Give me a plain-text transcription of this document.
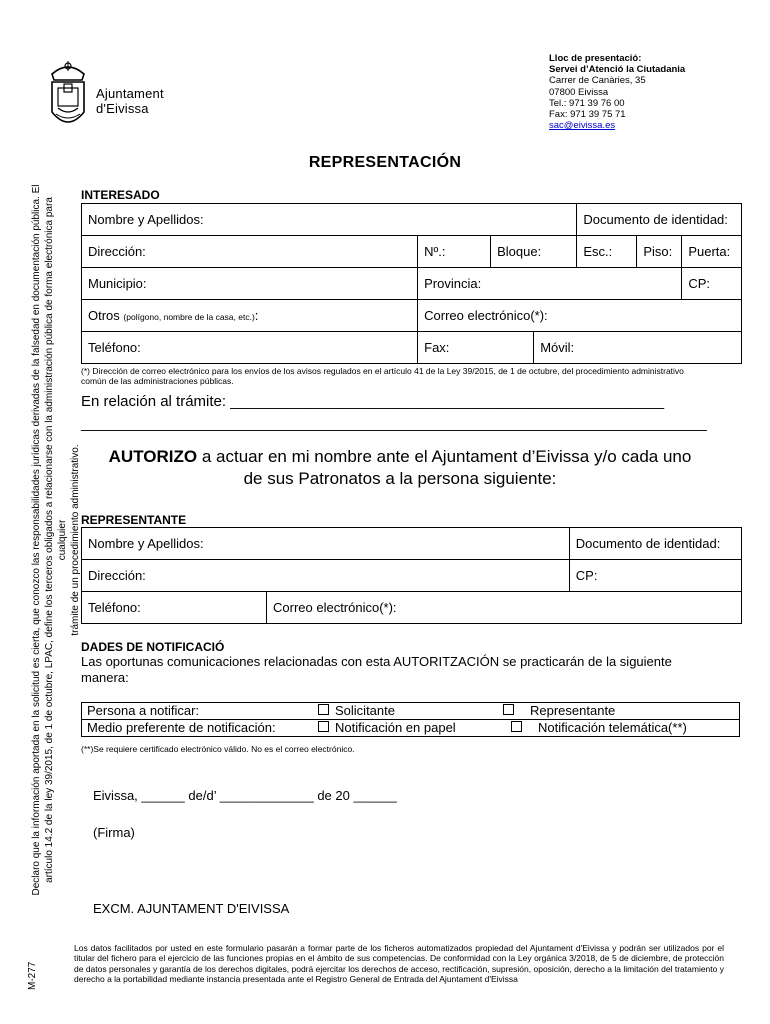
Ajuntament
d'Eivissa
Lloc de presentació:
Servei d’Atenció la Ciutadania
Carrer de Canàries, 35
07800 Eivissa
Tel.: 971 39 76 00
Fax: 971 39 75 71
sac@eivissa.es
REPRESENTACIÓN
Declaro que la información aportada en la solicitud es cierta, que conozco las responsabilidades jurídicas derivadas de la falsedad en documentación pública. El artículo 14.2 de la ley 39/2015, de 1 de octubre, LPAC, define los terceros obligados a relacionarse con la administración pública de forma electrónica para cualquier trámite de un procedimiento administrativo.
M-277
INTERESADO
Nombre y Apellidos:				Documento de identidad:		
Dirección:	Nº.:	Bloque:		Esc.:	Piso:	Puerta:
Municipio:	Provincia:					CP:
Otros (polígono, nombre de la casa, etc.):	Correo electrónico(*):					
Teléfono:	Fax:		Móvil:			
(*) Dirección de correo electrónico para los envíos de los avisos regulados en el artículo 41 de la Ley 39/2015, de 1 de octubre, del procedimiento administrativo común de las administraciones públicas.
En relación al trámite: ____________________________________________________
___________________________________________________________________________
AUTORIZO a actuar en mi nombre ante el Ajuntament d’Eivissa y/o cada uno
de sus Patronatos a la persona siguiente:
REPRESENTANTE
Nombre y Apellidos:		Documento de identidad:
Dirección:		CP:
Teléfono:	Correo electrónico(*):	
DADES DE NOTIFICACIÓ
Las oportunas comunicaciones relacionadas con esta AUTORITZACIÓN se practicarán de la siguiente manera:
Persona a notificar:	Solicitante	Representante
Medio preferente de notificación:	Notificación en papel	Notificación telemática(**)
(**)Se requiere certificado electrónico válido. No es el correo electrónico.
Eivissa, ______ de/d’ _____________ de 20 ______
(Firma)
EXCM. AJUNTAMENT D'EIVISSA
Los datos facilitados por usted en este formulario pasarán a formar parte de los ficheros automatizados propiedad del Ajuntament d'Eivissa y podrán ser utilizados por el titular del fichero para el ejercicio de las funciones propias en el ámbito de sus competencias. De conformidad con la Ley orgánica 3/2018, de 5 de diciembre, de protección de datos personales y garantía de los derechos digitales, podrá ejercitar los derechos de acceso, rectificación, supresión, oposición, derecho a la limitación del tratamiento y derecho a la portabilidad mediante instancia presentada ante el Registro General de Entrada del Ajuntament d'Eivissa
